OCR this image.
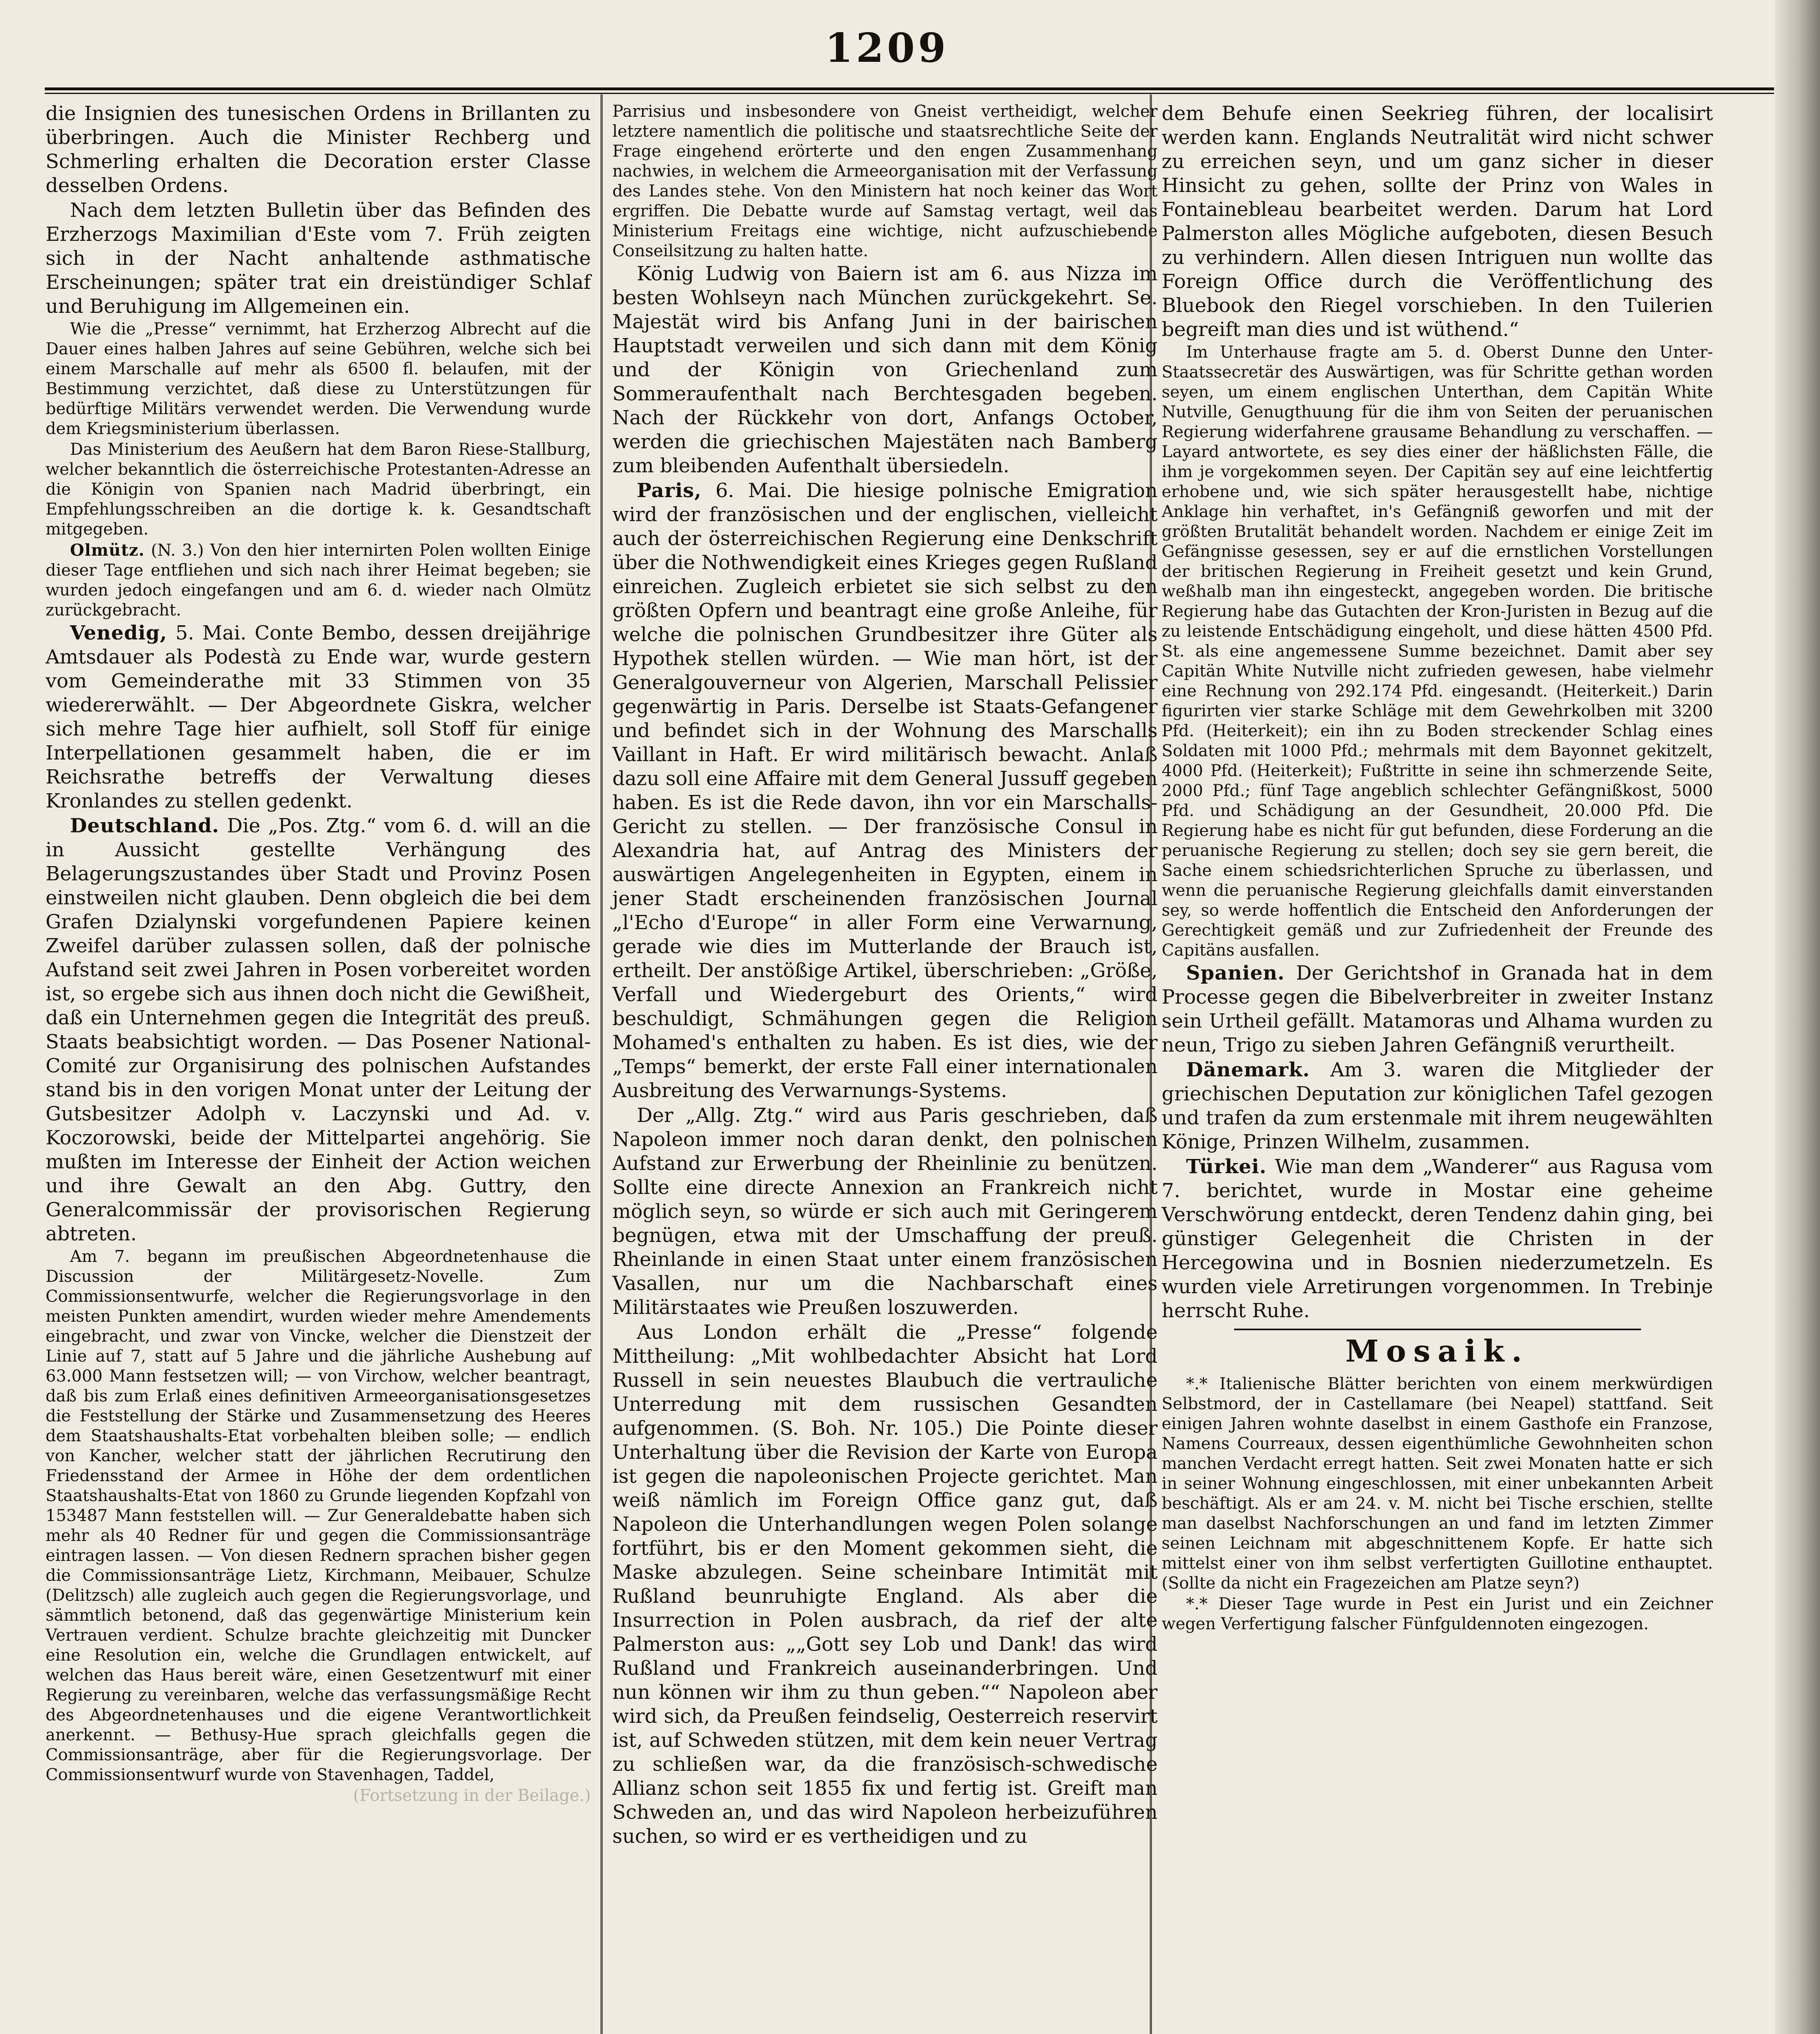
1209

die Insignien des tunesischen Ordens in Brillanten zu überbringen. Auch die Minister Rechberg und Schmerling erhalten die Decoration erster Classe desselben Ordens.

Nach dem letzten Bulletin über das Befinden des Erzherzogs Maximilian d'Este vom 7. Früh zeigten sich in der Nacht anhaltende asthmatische Erscheinungen; später trat ein dreistündiger Schlaf und Beruhigung im Allgemeinen ein.

Wie die „Presse“ vernimmt, hat Erzherzog Albrecht auf die Dauer eines halben Jahres auf seine Gebühren, welche sich bei einem Marschalle auf mehr als 6500 fl. belaufen, mit der Bestimmung verzichtet, daß diese zu Unterstützungen für bedürftige Militärs verwendet werden. Die Verwendung wurde dem Kriegsministerium überlassen.

Das Ministerium des Aeußern hat dem Baron Riese-Stallburg, welcher bekanntlich die österreichische Protestanten-Adresse an die Königin von Spanien nach Madrid überbringt, ein Empfehlungsschreiben an die dortige k. k. Gesandtschaft mitgegeben.

Olmütz. (N. 3.) Von den hier internirten Polen wollten Einige dieser Tage entfliehen und sich nach ihrer Heimat begeben; sie wurden jedoch eingefangen und am 6. d. wieder nach Olmütz zurückgebracht.

Venedig, 5. Mai. Conte Bembo, dessen dreijährige Amtsdauer als Podestà zu Ende war, wurde gestern vom Gemeinderathe mit 33 Stimmen von 35 wiedererwählt. — Der Abgeordnete Giskra, welcher sich mehre Tage hier aufhielt, soll Stoff für einige Interpellationen gesammelt haben, die er im Reichsrathe betreffs der Verwaltung dieses Kronlandes zu stellen gedenkt.

Deutschland. Die „Pos. Ztg.“ vom 6. d. will an die in Aussicht gestellte Verhängung des Belagerungszustandes über Stadt und Provinz Posen einstweilen nicht glauben. Denn obgleich die bei dem Grafen Dzialynski vorgefundenen Papiere keinen Zweifel darüber zulassen sollen, daß der polnische Aufstand seit zwei Jahren in Posen vorbereitet worden ist, so ergebe sich aus ihnen doch nicht die Gewißheit, daß ein Unternehmen gegen die Integrität des preuß. Staats beabsichtigt worden. — Das Posener National-Comité zur Organisirung des polnischen Aufstandes stand bis in den vorigen Monat unter der Leitung der Gutsbesitzer Adolph v. Laczynski und Ad. v. Koczorowski, beide der Mittelpartei angehörig. Sie mußten im Interesse der Einheit der Action weichen und ihre Gewalt an den Abg. Guttry, den Generalcommissär der provisorischen Regierung abtreten.

Am 7. begann im preußischen Abgeordnetenhause die Discussion der Militärgesetz-Novelle. Zum Commissionsentwurfe, welcher die Regierungsvorlage in den meisten Punkten amendirt, wurden wieder mehre Amendements eingebracht, und zwar von Vincke, welcher die Dienstzeit der Linie auf 7, statt auf 5 Jahre und die jährliche Aushebung auf 63.000 Mann festsetzen will; — von Virchow, welcher beantragt, daß bis zum Erlaß eines definitiven Armeeorganisationsgesetzes die Feststellung der Stärke und Zusammensetzung des Heeres dem Staatshaushalts-Etat vorbehalten bleiben solle; — endlich von Kancher, welcher statt der jährlichen Recrutirung den Friedensstand der Armee in Höhe der dem ordentlichen Staatshaushalts-Etat von 1860 zu Grunde liegenden Kopfzahl von 153487 Mann feststellen will. — Zur Generaldebatte haben sich mehr als 40 Redner für und gegen die Commissionsanträge eintragen lassen. — Von diesen Rednern sprachen bisher gegen die Commissionsanträge Lietz, Kirchmann, Meibauer, Schulze (Delitzsch) alle zugleich auch gegen die Regierungsvorlage, und sämmtlich betonend, daß das gegenwärtige Ministerium kein Vertrauen verdient. Schulze brachte gleichzeitig mit Duncker eine Resolution ein, welche die Grundlagen entwickelt, auf welchen das Haus bereit wäre, einen Gesetzentwurf mit einer Regierung zu vereinbaren, welche das verfassungsmäßige Recht des Abgeordnetenhauses und die eigene Verantwortlichkeit anerkennt. — Bethusy-Hue sprach gleichfalls gegen die Commissionsanträge, aber für die Regierungsvorlage. Der Commissionsentwurf wurde von Stavenhagen, Taddel,

(Fortsetzung in der Beilage.)

Parrisius und insbesondere von Gneist vertheidigt, welcher letztere namentlich die politische und staatsrechtliche Seite der Frage eingehend erörterte und den engen Zusammenhang nachwies, in welchem die Armeeorganisation mit der Verfassung des Landes stehe. Von den Ministern hat noch keiner das Wort ergriffen. Die Debatte wurde auf Samstag vertagt, weil das Ministerium Freitags eine wichtige, nicht aufzuschiebende Conseilsitzung zu halten hatte.

König Ludwig von Baiern ist am 6. aus Nizza im besten Wohlseyn nach München zurückgekehrt. Se. Majestät wird bis Anfang Juni in der bairischen Hauptstadt verweilen und sich dann mit dem König und der Königin von Griechenland zum Sommeraufenthalt nach Berchtesgaden begeben. Nach der Rückkehr von dort, Anfangs October, werden die griechischen Majestäten nach Bamberg zum bleibenden Aufenthalt übersiedeln.

Paris, 6. Mai. Die hiesige polnische Emigration wird der französischen und der englischen, vielleicht auch der österreichischen Regierung eine Denkschrift über die Nothwendigkeit eines Krieges gegen Rußland einreichen. Zugleich erbietet sie sich selbst zu den größten Opfern und beantragt eine große Anleihe, für welche die polnischen Grundbesitzer ihre Güter als Hypothek stellen würden. — Wie man hört, ist der Generalgouverneur von Algerien, Marschall Pelissier gegenwärtig in Paris. Derselbe ist Staats-Gefangener und befindet sich in der Wohnung des Marschalls Vaillant in Haft. Er wird militärisch bewacht. Anlaß dazu soll eine Affaire mit dem General Jussuff gegeben haben. Es ist die Rede davon, ihn vor ein Marschalls-Gericht zu stellen. — Der französische Consul in Alexandria hat, auf Antrag des Ministers der auswärtigen Angelegenheiten in Egypten, einem in jener Stadt erscheinenden französischen Journal „l'Echo d'Europe“ in aller Form eine Verwarnung, gerade wie dies im Mutterlande der Brauch ist, ertheilt. Der anstößige Artikel, überschrieben: „Größe, Verfall und Wiedergeburt des Orients,“ wird beschuldigt, Schmähungen gegen die Religion Mohamed's enthalten zu haben. Es ist dies, wie der „Temps“ bemerkt, der erste Fall einer internationalen Ausbreitung des Verwarnungs-Systems.

Der „Allg. Ztg.“ wird aus Paris geschrieben, daß Napoleon immer noch daran denkt, den polnischen Aufstand zur Erwerbung der Rheinlinie zu benützen. Sollte eine directe Annexion an Frankreich nicht möglich seyn, so würde er sich auch mit Geringerem begnügen, etwa mit der Umschaffung der preuß. Rheinlande in einen Staat unter einem französischen Vasallen, nur um die Nachbarschaft eines Militärstaates wie Preußen loszuwerden.

Aus London erhält die „Presse“ folgende Mittheilung: „Mit wohlbedachter Absicht hat Lord Russell in sein neuestes Blaubuch die vertrauliche Unterredung mit dem russischen Gesandten aufgenommen. (S. Boh. Nr. 105.) Die Pointe dieser Unterhaltung über die Revision der Karte von Europa ist gegen die napoleonischen Projecte gerichtet. Man weiß nämlich im Foreign Office ganz gut, daß Napoleon die Unterhandlungen wegen Polen solange fortführt, bis er den Moment gekommen sieht, die Maske abzulegen. Seine scheinbare Intimität mit Rußland beunruhigte England. Als aber die Insurrection in Polen ausbrach, da rief der alte Palmerston aus: „„Gott sey Lob und Dank! das wird Rußland und Frankreich auseinanderbringen. Und nun können wir ihm zu thun geben.““ Napoleon aber wird sich, da Preußen feindselig, Oesterreich reservirt ist, auf Schweden stützen, mit dem kein neuer Vertrag zu schließen war, da die französisch-schwedische Allianz schon seit 1855 fix und fertig ist. Greift man Schweden an, und das wird Napoleon herbeizuführen suchen, so wird er es vertheidigen und zu

dem Behufe einen Seekrieg führen, der localisirt werden kann. Englands Neutralität wird nicht schwer zu erreichen seyn, und um ganz sicher in dieser Hinsicht zu gehen, sollte der Prinz von Wales in Fontainebleau bearbeitet werden. Darum hat Lord Palmerston alles Mögliche aufgeboten, diesen Besuch zu verhindern. Allen diesen Intriguen nun wollte das Foreign Office durch die Veröffentlichung des Bluebook den Riegel vorschieben. In den Tuilerien begreift man dies und ist wüthend.“

Im Unterhause fragte am 5. d. Oberst Dunne den Unter-Staatssecretär des Auswärtigen, was für Schritte gethan worden seyen, um einem englischen Unterthan, dem Capitän White Nutville, Genugthuung für die ihm von Seiten der peruanischen Regierung widerfahrene grausame Behandlung zu verschaffen. — Layard antwortete, es sey dies einer der häßlichsten Fälle, die ihm je vorgekommen seyen. Der Capitän sey auf eine leichtfertig erhobene und, wie sich später herausgestellt habe, nichtige Anklage hin verhaftet, in's Gefängniß geworfen und mit der größten Brutalität behandelt worden. Nachdem er einige Zeit im Gefängnisse gesessen, sey er auf die ernstlichen Vorstellungen der britischen Regierung in Freiheit gesetzt und kein Grund, weßhalb man ihn eingesteckt, angegeben worden. Die britische Regierung habe das Gutachten der Kron-Juristen in Bezug auf die zu leistende Entschädigung eingeholt, und diese hätten 4500 Pfd. St. als eine angemessene Summe bezeichnet. Damit aber sey Capitän White Nutville nicht zufrieden gewesen, habe vielmehr eine Rechnung von 292.174 Pfd. eingesandt. (Heiterkeit.) Darin figurirten vier starke Schläge mit dem Gewehrkolben mit 3200 Pfd. (Heiterkeit); ein ihn zu Boden streckender Schlag eines Soldaten mit 1000 Pfd.; mehrmals mit dem Bayonnet gekitzelt, 4000 Pfd. (Heiterkeit); Fußtritte in seine ihn schmerzende Seite, 2000 Pfd.; fünf Tage angeblich schlechter Gefängnißkost, 5000 Pfd. und Schädigung an der Gesundheit, 20.000 Pfd. Die Regierung habe es nicht für gut befunden, diese Forderung an die peruanische Regierung zu stellen; doch sey sie gern bereit, die Sache einem schiedsrichterlichen Spruche zu überlassen, und wenn die peruanische Regierung gleichfalls damit einverstanden sey, so werde hoffentlich die Entscheid den Anforderungen der Gerechtigkeit gemäß und zur Zufriedenheit der Freunde des Capitäns ausfallen.

Spanien. Der Gerichtshof in Granada hat in dem Processe gegen die Bibelverbreiter in zweiter Instanz sein Urtheil gefällt. Matamoras und Alhama wurden zu neun, Trigo zu sieben Jahren Gefängniß verurtheilt.

Dänemark. Am 3. waren die Mitglieder der griechischen Deputation zur königlichen Tafel gezogen und trafen da zum erstenmale mit ihrem neugewählten Könige, Prinzen Wilhelm, zusammen.

Türkei. Wie man dem „Wanderer“ aus Ragusa vom 7. berichtet, wurde in Mostar eine geheime Verschwörung entdeckt, deren Tendenz dahin ging, bei günstiger Gelegenheit die Christen in der Hercegowina und in Bosnien niederzumetzeln. Es wurden viele Arretirungen vorgenommen. In Trebinje herrscht Ruhe.

Mosaik.

*.* Italienische Blätter berichten von einem merkwürdigen Selbstmord, der in Castellamare (bei Neapel) stattfand. Seit einigen Jahren wohnte daselbst in einem Gasthofe ein Franzose, Namens Courreaux, dessen eigenthümliche Gewohnheiten schon manchen Verdacht erregt hatten. Seit zwei Monaten hatte er sich in seiner Wohnung eingeschlossen, mit einer unbekannten Arbeit beschäftigt. Als er am 24. v. M. nicht bei Tische erschien, stellte man daselbst Nachforschungen an und fand im letzten Zimmer seinen Leichnam mit abgeschnittenem Kopfe. Er hatte sich mittelst einer von ihm selbst verfertigten Guillotine enthauptet. (Sollte da nicht ein Fragezeichen am Platze seyn?)

*.* Dieser Tage wurde in Pest ein Jurist und ein Zeichner wegen Verfertigung falscher Fünfguldennoten eingezogen.
